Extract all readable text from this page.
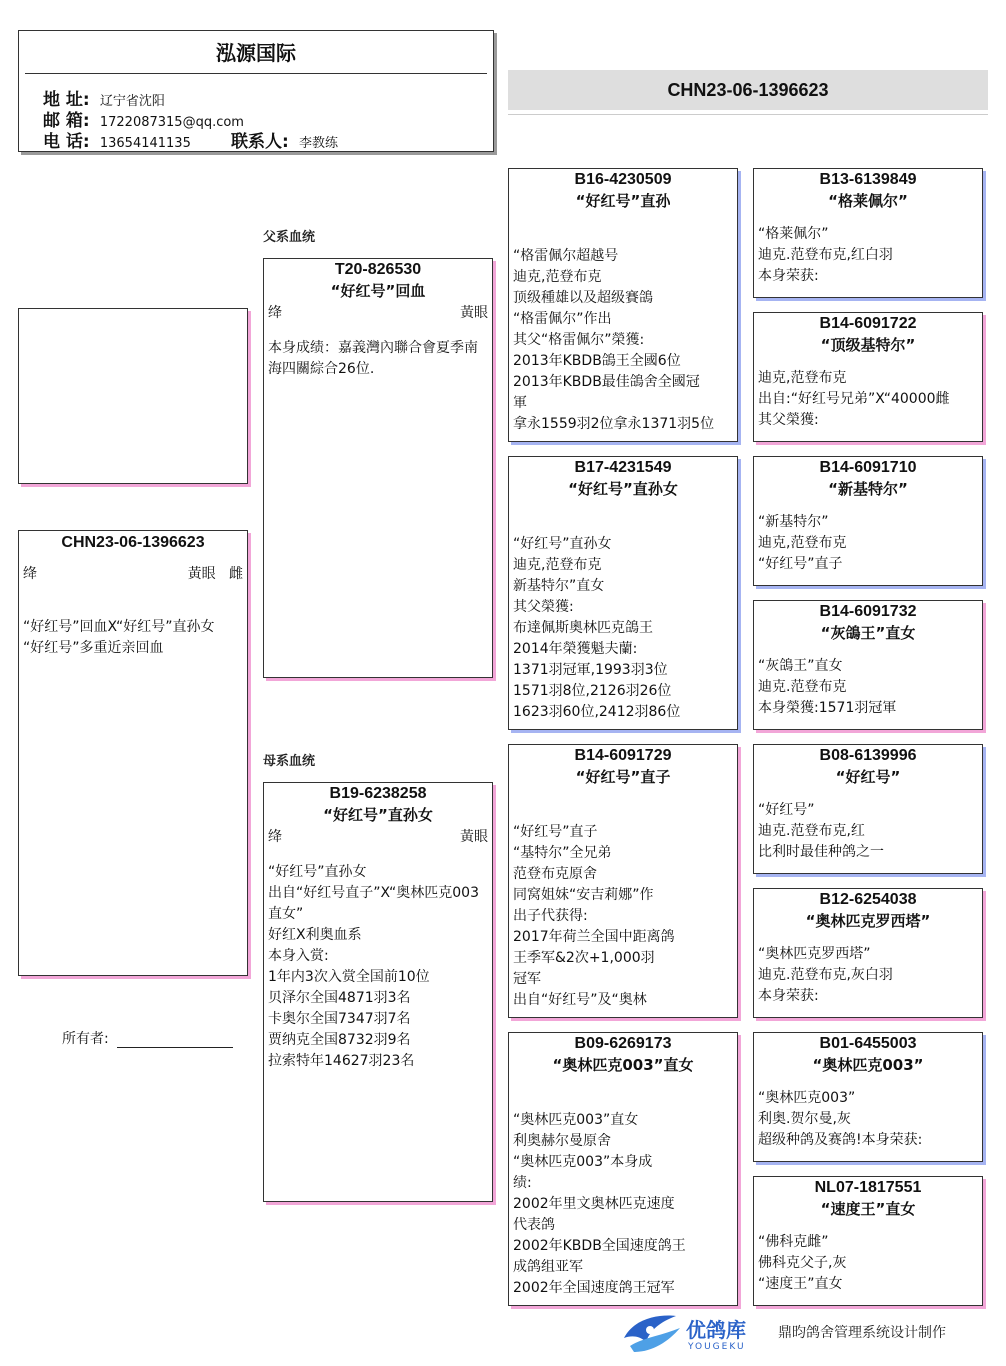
泓源国际
地 址: 辽宁省沈阳
邮 箱: 1722087315@qq.com
电 话: 13654141135 联系人: 李教练
CHN23-06-1396623
CHN23-06-1396623
绛	黃眼 雌
“好红号”回血X“好红号”直孙女
“好红号”多重近亲回血
所有者:
父系血统
母系血统
T20-826530
“好红号”回血
绛	黃眼
本身成绩：嘉義灣內聯合會夏季南海四關綜合26位.
B19-6238258
“好红号”直孙女
绛	黃眼
“好红号”直孙女
出自“好红号直子”X“奥林匹克003直女”
好红X利奥血系
本身入赏:
1年内3次入赏全国前10位
贝泽尔全国4871羽3名
卡奥尔全国7347羽7名
贾纳克全国8732羽9名
拉索特年14627羽23名
B16-4230509
“好红号”直孙
“格雷佩尔超越号
迪克,范登布克
顶级種雄以及超级賽鴿
“格雷佩尔”作出
其父“格雷佩尔”榮獲:
2013年KBDB鴿王全國6位
2013年KBDB最佳鴿舍全國冠
軍
拿永1559羽2位拿永1371羽5位
B17-4231549
“好红号”直孙女
“好红号”直孙女
迪克,范登布克
新基特尔”直女
其父榮獲:
布達佩斯奧林匹克鴿王
2014年榮獲魁夫蘭:
1371羽冠軍,1993羽3位
1571羽8位,2126羽26位
1623羽60位,2412羽86位
B14-6091729
“好红号”直子
“好红号”直子
“基特尔”全兄弟
范登布克原舍
同窝姐妹“安吉莉娜”作
出子代获得:
2017年荷兰全国中距离鸽
王季军&2次+1,000羽
冠军
出自“好红号”及“奥林
B09-6269173
“奥林匹克003”直女
“奥林匹克003”直女
利奥赫尔曼原舍
“奥林匹克003”本身成
绩:
2002年里文奥林匹克速度
代表鸽
2002年KBDB全国速度鸽王
成鸽组亚军
2002年全国速度鸽王冠军
B13-6139849
“格莱佩尔”
“格莱佩尔”
迪克.范登布克,红白羽
本身荣获:
B14-6091722
“顶级基特尔”
迪克,范登布克
出自:“好红号兄弟”X“40000雌
其父榮獲:
B14-6091710
“新基特尔”
“新基特尔”
迪克,范登布克
“好红号”直子
B14-6091732
“灰鴿王”直女
“灰鴿王”直女
迪克.范登布克
本身榮獲:1571羽冠軍
B08-6139996
“好红号”
“好红号”
迪克.范登布克,红
比利时最佳种鸽之一
B12-6254038
“奥林匹克罗西塔”
“奥林匹克罗西塔”
迪克.范登布克,灰白羽
本身荣获:
B01-6455003
“奥林匹克003”
“奥林匹克003”
利奥.贺尔曼,灰
超级种鸽及赛鸽!本身荣获:
NL07-1817551
“速度王”直女
“佛科克雌”
佛科克父子,灰
“速度王”直女
优鸽库
YOUGEKU
鼎昀鸽舍管理系统设计制作
